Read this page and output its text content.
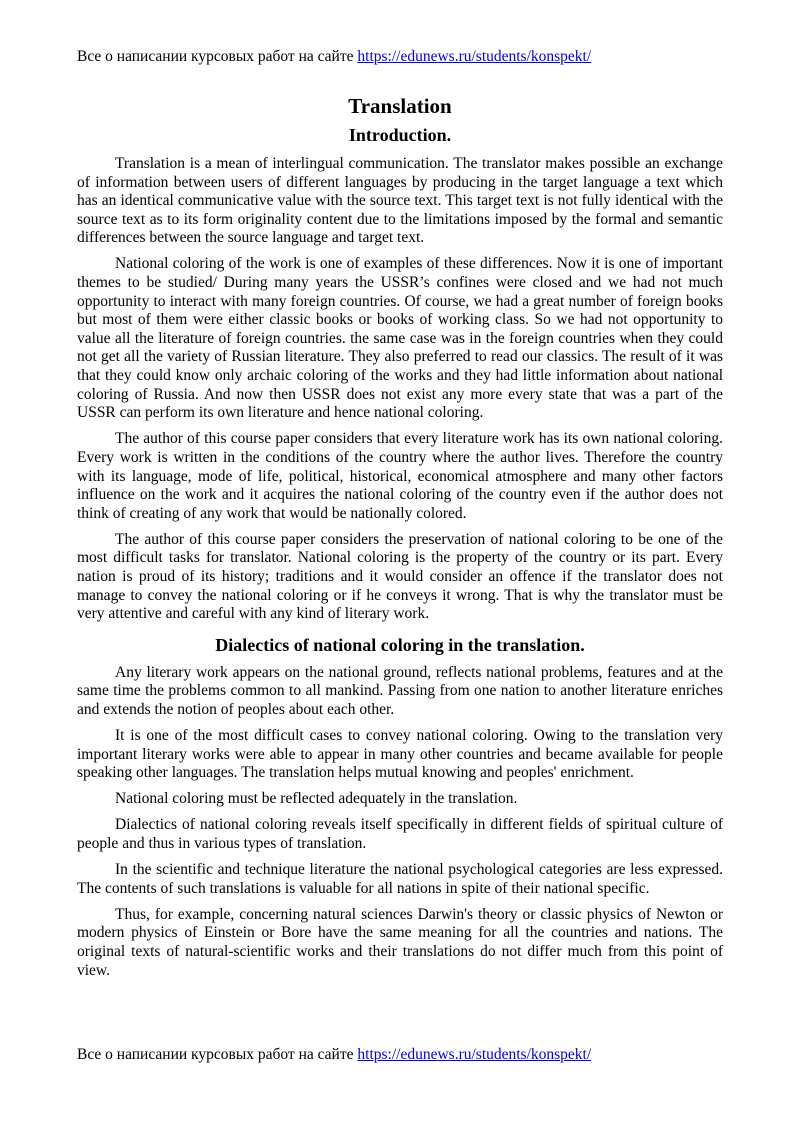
Все о написании курсовых работ на сайте https://edunews.ru/students/konspekt/
Translation
Introduction.

Translation is a mean of interlingual communication. The translator makes possible an exchange of information between users of different languages by producing in the target language a text which has an identical communicative value with the source text. This target text is not fully identical with the source text as to its form originality content due to the limitations imposed by the formal and semantic differences between the source language and target text.

National coloring of the work is one of examples of these differences. Now it is one of important themes to be studied/ During many years the USSR’s confines were closed and we had not much opportunity to interact with many foreign countries. Of course, we had a great number of foreign books but most of them were either classic books or books of working class. So we had not opportunity to value all the literature of foreign countries. the same case was in the foreign countries when they could not get all the variety of Russian literature. They also preferred to read our classics. The result of it was that they could know only archaic coloring of the works and they had little information about national coloring of Russia. And now then USSR does not exist any more every state that was a part of the USSR can perform its own literature and hence national coloring.

The author of this course paper considers that every literature work has its own national coloring. Every work is written in the conditions of the country where the author lives. Therefore the country with its language, mode of life, political, historical, economical atmosphere and many other factors influence on the work and it acquires the national coloring of the country even if the author does not think of creating of any work that would be nationally colored.

The author of this course paper considers the preservation of national coloring to be one of the most difficult tasks for translator. National coloring is the property of the country or its part. Every nation is proud of its history; traditions and it would consider an offence if the translator does not manage to convey the national coloring or if he conveys it wrong. That is why the translator must be very attentive and careful with any kind of literary work.

Dialectics of national coloring in the translation.

Any literary work appears on the national ground, reflects national problems, features and at the same time the problems common to all mankind. Passing from one nation to another literature enriches and extends the notion of peoples about each other.

It is one of the most difficult cases to convey national coloring. Owing to the translation very important literary works were able to appear in many other countries and became available for people speaking other languages. The translation helps mutual knowing and peoples' enrichment.

National coloring must be reflected adequately in the translation.

Dialectics of national coloring reveals itself specifically in different fields of spiritual culture of people and thus in various types of translation.

In the scientific and technique literature the national psychological categories are less expressed. The contents of such translations is valuable for all nations in spite of their national specific.

Thus, for example, concerning natural sciences Darwin's theory or classic physics of Newton or modern physics of Einstein or Bore have the same meaning for all the countries and nations. The original texts of natural-scientific works and their translations do not differ much from this point of view.

Все о написании курсовых работ на сайте https://edunews.ru/students/konspekt/
